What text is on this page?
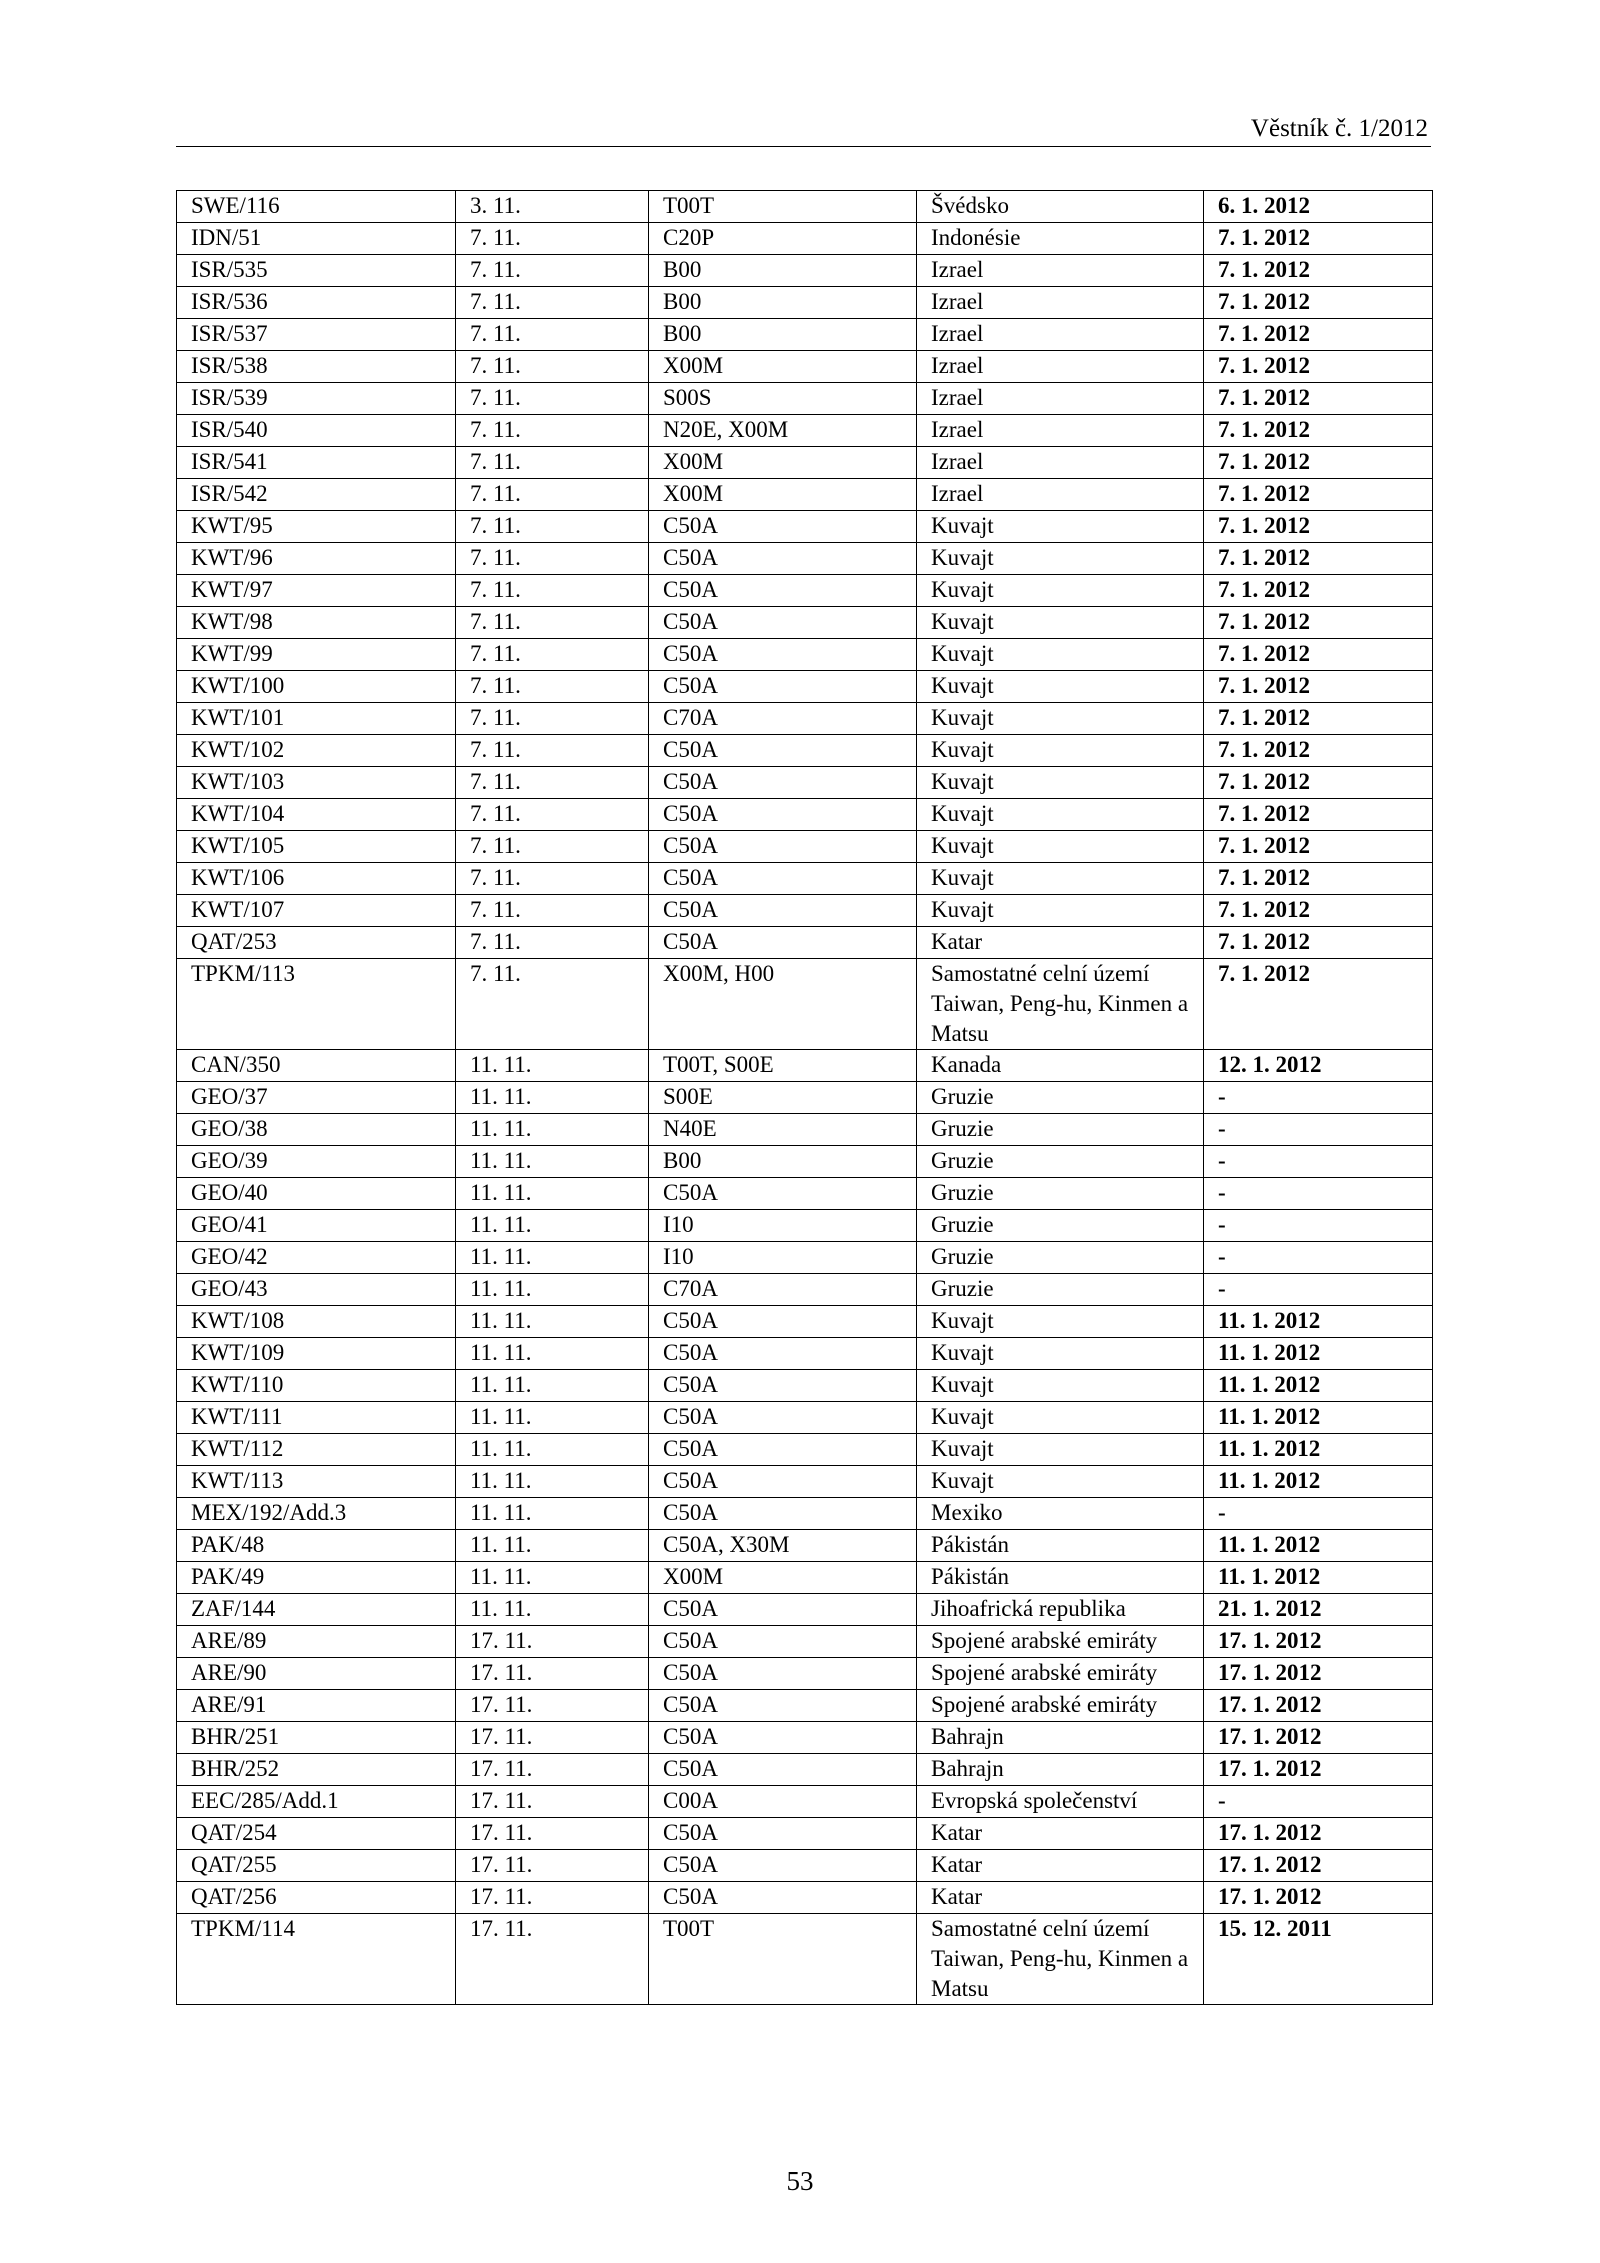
Věstník č. 1/2012
SWE/116	3. 11.	T00T	Švédsko	6. 1. 2012
IDN/51	7. 11.	C20P	Indonésie	7. 1. 2012
ISR/535	7. 11.	B00	Izrael	7. 1. 2012
ISR/536	7. 11.	B00	Izrael	7. 1. 2012
ISR/537	7. 11.	B00	Izrael	7. 1. 2012
ISR/538	7. 11.	X00M	Izrael	7. 1. 2012
ISR/539	7. 11.	S00S	Izrael	7. 1. 2012
ISR/540	7. 11.	N20E, X00M	Izrael	7. 1. 2012
ISR/541	7. 11.	X00M	Izrael	7. 1. 2012
ISR/542	7. 11.	X00M	Izrael	7. 1. 2012
KWT/95	7. 11.	C50A	Kuvajt	7. 1. 2012
KWT/96	7. 11.	C50A	Kuvajt	7. 1. 2012
KWT/97	7. 11.	C50A	Kuvajt	7. 1. 2012
KWT/98	7. 11.	C50A	Kuvajt	7. 1. 2012
KWT/99	7. 11.	C50A	Kuvajt	7. 1. 2012
KWT/100	7. 11.	C50A	Kuvajt	7. 1. 2012
KWT/101	7. 11.	C70A	Kuvajt	7. 1. 2012
KWT/102	7. 11.	C50A	Kuvajt	7. 1. 2012
KWT/103	7. 11.	C50A	Kuvajt	7. 1. 2012
KWT/104	7. 11.	C50A	Kuvajt	7. 1. 2012
KWT/105	7. 11.	C50A	Kuvajt	7. 1. 2012
KWT/106	7. 11.	C50A	Kuvajt	7. 1. 2012
KWT/107	7. 11.	C50A	Kuvajt	7. 1. 2012
QAT/253	7. 11.	C50A	Katar	7. 1. 2012
TPKM/113	7. 11.	X00M, H00	Samostatné celní území Taiwan, Peng-hu, Kinmen a Matsu	7. 1. 2012
CAN/350	11. 11.	T00T, S00E	Kanada	12. 1. 2012
GEO/37	11. 11.	S00E	Gruzie	-
GEO/38	11. 11.	N40E	Gruzie	-
GEO/39	11. 11.	B00	Gruzie	-
GEO/40	11. 11.	C50A	Gruzie	-
GEO/41	11. 11.	I10	Gruzie	-
GEO/42	11. 11.	I10	Gruzie	-
GEO/43	11. 11.	C70A	Gruzie	-
KWT/108	11. 11.	C50A	Kuvajt	11. 1. 2012
KWT/109	11. 11.	C50A	Kuvajt	11. 1. 2012
KWT/110	11. 11.	C50A	Kuvajt	11. 1. 2012
KWT/111	11. 11.	C50A	Kuvajt	11. 1. 2012
KWT/112	11. 11.	C50A	Kuvajt	11. 1. 2012
KWT/113	11. 11.	C50A	Kuvajt	11. 1. 2012
MEX/192/Add.3	11. 11.	C50A	Mexiko	-
PAK/48	11. 11.	C50A, X30M	Pákistán	11. 1. 2012
PAK/49	11. 11.	X00M	Pákistán	11. 1. 2012
ZAF/144	11. 11.	C50A	Jihoafrická republika	21. 1. 2012
ARE/89	17. 11.	C50A	Spojené arabské emiráty	17. 1. 2012
ARE/90	17. 11.	C50A	Spojené arabské emiráty	17. 1. 2012
ARE/91	17. 11.	C50A	Spojené arabské emiráty	17. 1. 2012
BHR/251	17. 11.	C50A	Bahrajn	17. 1. 2012
BHR/252	17. 11.	C50A	Bahrajn	17. 1. 2012
EEC/285/Add.1	17. 11.	C00A	Evropská společenství	-
QAT/254	17. 11.	C50A	Katar	17. 1. 2012
QAT/255	17. 11.	C50A	Katar	17. 1. 2012
QAT/256	17. 11.	C50A	Katar	17. 1. 2012
TPKM/114	17. 11.	T00T	Samostatné celní území Taiwan, Peng-hu, Kinmen a Matsu	15. 12. 2011
53
